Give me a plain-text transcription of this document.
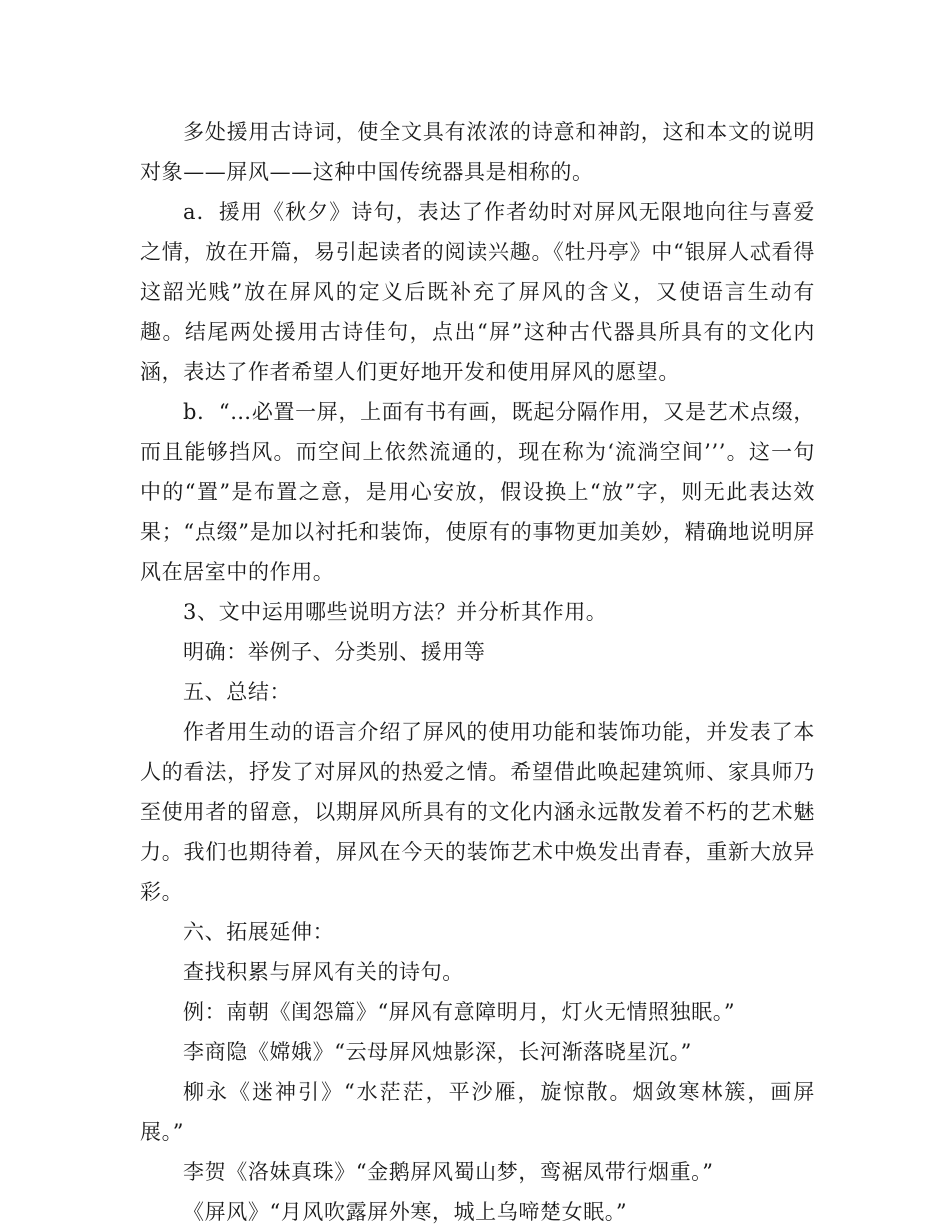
多处援用古诗词，使全文具有浓浓的诗意和神韵，这和本文的说明对象——屏风——这种中国传统器具是相称的。

a．援用《秋夕》诗句，表达了作者幼时对屏风无限地向往与喜爱之情，放在开篇，易引起读者的阅读兴趣。《牡丹亭》中“银屏人忒看得这韶光贱”放在屏风的定义后既补充了屏风的含义，又使语言生动有趣。结尾两处援用古诗佳句，点出“屏”这种古代器具所具有的文化内涵，表达了作者希望人们更好地开发和使用屏风的愿望。

b．“…必置一屏，上面有书有画，既起分隔作用，又是艺术点缀，而且能够挡风。而空间上依然流通的，现在称为‘流淌空间’’’。这一句中的“置”是布置之意，是用心安放，假设换上“放”字，则无此表达效果；“点缀”是加以衬托和装饰，使原有的事物更加美妙，精确地说明屏风在居室中的作用。

3、文中运用哪些说明方法？并分析其作用。

明确：举例子、分类别、援用等

五、总结：

作者用生动的语言介绍了屏风的使用功能和装饰功能，并发表了本人的看法，抒发了对屏风的热爱之情。希望借此唤起建筑师、家具师乃至使用者的留意，以期屏风所具有的文化内涵永远散发着不朽的艺术魅力。我们也期待着，屏风在今天的装饰艺术中焕发出青春，重新大放异彩。

六、拓展延伸：

查找积累与屏风有关的诗句。

例：南朝《闺怨篇》“屏风有意障明月，灯火无情照独眠。”

李商隐《嫦娥》“云母屏风烛影深，长河渐落晓星沉。”

柳永《迷神引》“水茫茫，平沙雁，旋惊散。烟敛寒林簇，画屏展。”

李贺《洛妹真珠》“金鹅屏风蜀山梦，鸾裾凤带行烟重。”

《屏风》“月风吹露屏外寒，城上乌啼楚女眠。”
